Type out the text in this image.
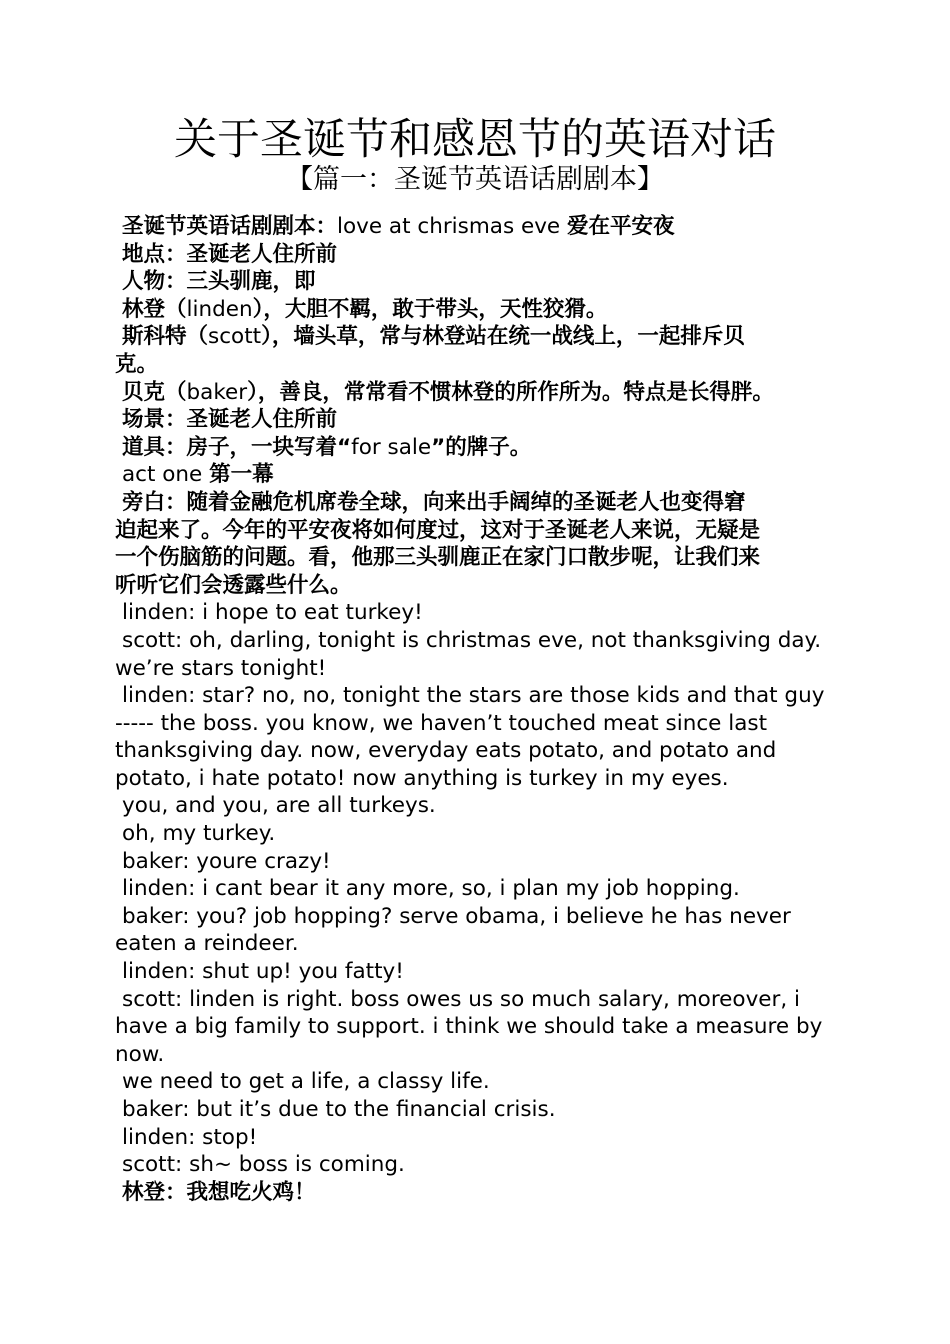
关于圣诞节和感恩节的英语对话
【篇一：圣诞节英语话剧剧本】

圣诞节英语话剧剧本：love at chrismas eve 爱在平安夜

地点：圣诞老人住所前

人物：三头驯鹿，即

林登（linden），大胆不羁，敢于带头，天性狡猾。

斯科特（scott），墙头草，常与林登站在统一战线上，一起排斥贝

克。

贝克（baker），善良，常常看不惯林登的所作所为。特点是长得胖。

场景：圣诞老人住所前

道具：房子，一块写着“for sale”的牌子。

act one 第一幕

旁白：随着金融危机席卷全球，向来出手阔绰的圣诞老人也变得窘

迫起来了。今年的平安夜将如何度过，这对于圣诞老人来说，无疑是

一个伤脑筋的问题。看，他那三头驯鹿正在家门口散步呢，让我们来

听听它们会透露些什么。

linden: i hope to eat turkey!

scott: oh, darling, tonight is christmas eve, not thanksgiving day.

we’re stars tonight!

linden: star? no, no, tonight the stars are those kids and that guy

----- the boss. you know, we haven’t touched meat since last

thanksgiving day. now, everyday eats potato, and potato and

potato, i hate potato! now anything is turkey in my eyes.

you, and you, are all turkeys.

oh, my turkey.

baker: youre crazy!

linden: i cant bear it any more, so, i plan my job hopping.

baker: you? job hopping? serve obama, i believe he has never

eaten a reindeer.

linden: shut up! you fatty!

scott: linden is right. boss owes us so much salary, moreover, i

have a big family to support. i think we should take a measure by

now.

we need to get a life, a classy life.

baker: but it’s due to the financial crisis.

linden: stop!

scott: sh~ boss is coming.

林登：我想吃火鸡！
